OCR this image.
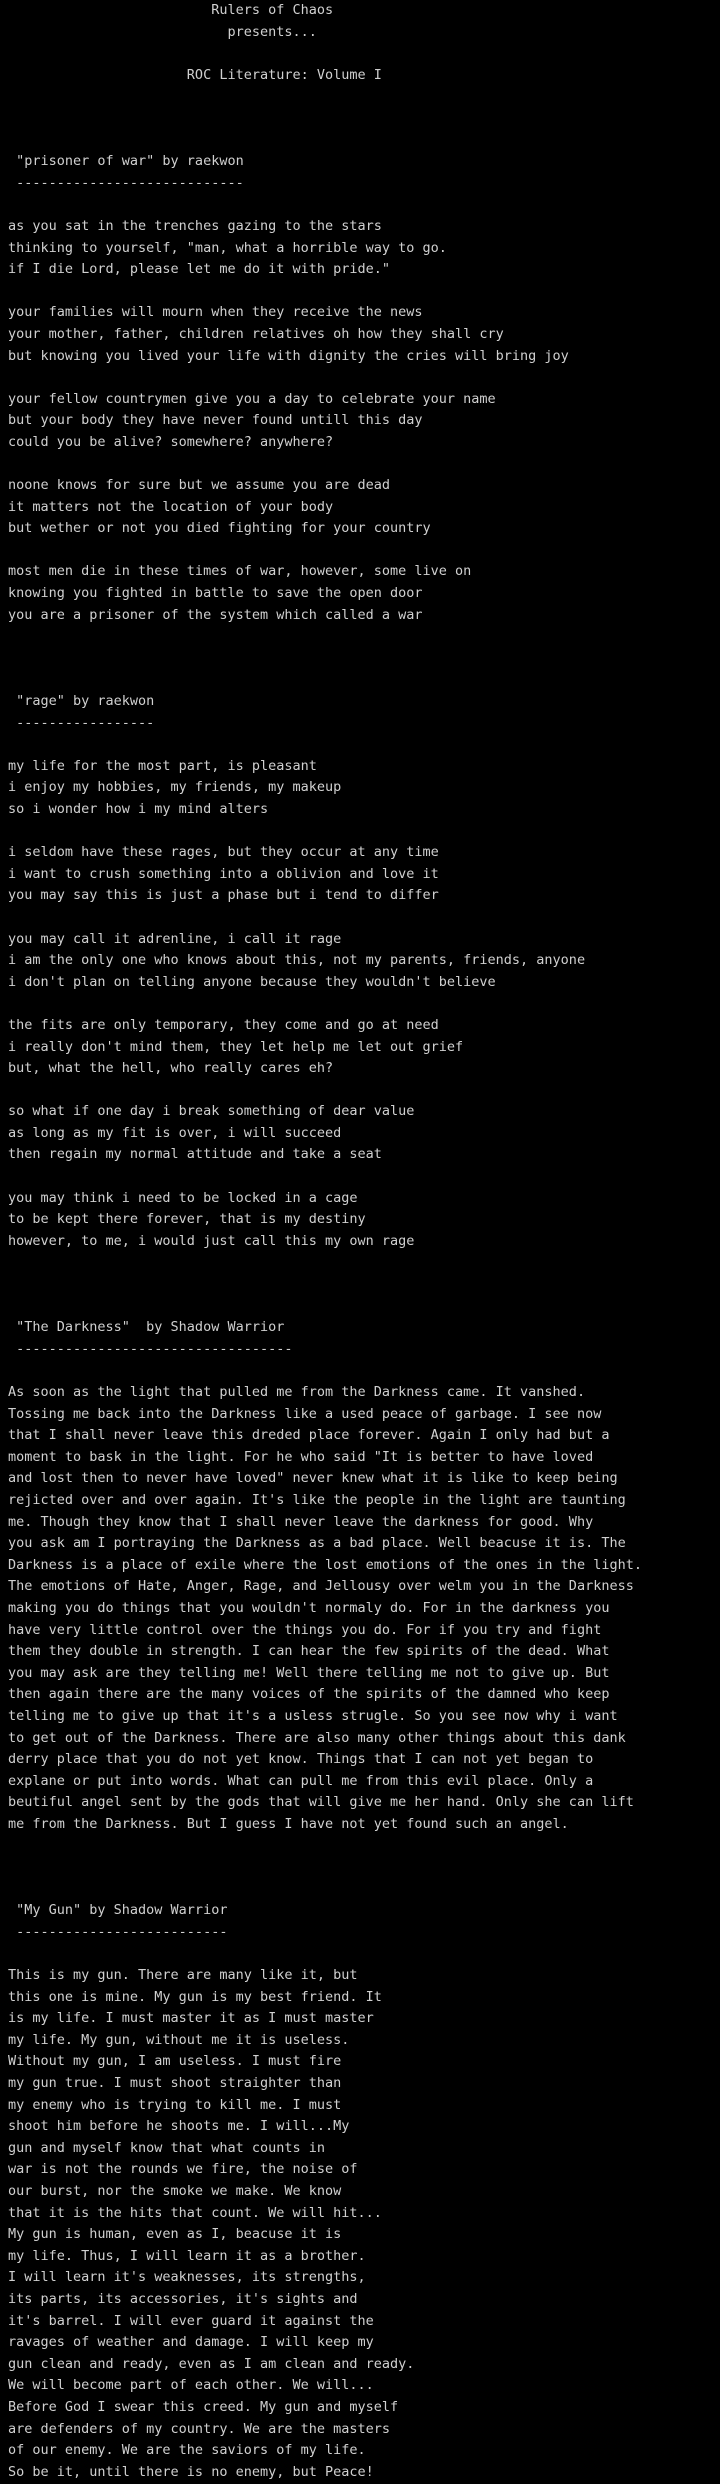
Rulers of Chaos
presents...
ROC Literature: Volume I
"prisoner of war" by raekwon
----------------------------
as you sat in the trenches gazing to the stars
thinking to yourself, "man, what a horrible way to go.
if I die Lord, please let me do it with pride."
your families will mourn when they receive the news
your mother, father, children relatives oh how they shall cry
but knowing you lived your life with dignity the cries will bring joy
your fellow countrymen give you a day to celebrate your name
but your body they have never found untill this day
could you be alive? somewhere? anywhere?
noone knows for sure but we assume you are dead
it matters not the location of your body
but wether or not you died fighting for your country
most men die in these times of war, however, some live on
knowing you fighted in battle to save the open door
you are a prisoner of the system which called a war
"rage" by raekwon
-----------------
my life for the most part, is pleasant
i enjoy my hobbies, my friends, my makeup
so i wonder how i my mind alters
i seldom have these rages, but they occur at any time
i want to crush something into a oblivion and love it
you may say this is just a phase but i tend to differ
you may call it adrenline, i call it rage
i am the only one who knows about this, not my parents, friends, anyone
i don't plan on telling anyone because they wouldn't believe
the fits are only temporary, they come and go at need
i really don't mind them, they let help me let out grief
but, what the hell, who really cares eh?
so what if one day i break something of dear value
as long as my fit is over, i will succeed
then regain my normal attitude and take a seat
you may think i need to be locked in a cage
to be kept there forever, that is my destiny
however, to me, i would just call this my own rage
"The Darkness"  by Shadow Warrior
----------------------------------
As soon as the light that pulled me from the Darkness came. It vanshed.
Tossing me back into the Darkness like a used peace of garbage. I see now
that I shall never leave this dreded place forever. Again I only had but a
moment to bask in the light. For he who said "It is better to have loved
and lost then to never have loved" never knew what it is like to keep being
rejicted over and over again. It's like the people in the light are taunting
me. Though they know that I shall never leave the darkness for good. Why
you ask am I portraying the Darkness as a bad place. Well beacuse it is. The
Darkness is a place of exile where the lost emotions of the ones in the light.
The emotions of Hate, Anger, Rage, and Jellousy over welm you in the Darkness
making you do things that you wouldn't normaly do. For in the darkness you
have very little control over the things you do. For if you try and fight
them they double in strength. I can hear the few spirits of the dead. What
you may ask are they telling me! Well there telling me not to give up. But
then again there are the many voices of the spirits of the damned who keep
telling me to give up that it's a usless strugle. So you see now why i want
to get out of the Darkness. There are also many other things about this dank
derry place that you do not yet know. Things that I can not yet began to
explane or put into words. What can pull me from this evil place. Only a
beutiful angel sent by the gods that will give me her hand. Only she can lift
me from the Darkness. But I guess I have not yet found such an angel.
"My Gun" by Shadow Warrior
--------------------------
This is my gun. There are many like it, but
this one is mine. My gun is my best friend. It
is my life. I must master it as I must master
my life. My gun, without me it is useless.
Without my gun, I am useless. I must fire
my gun true. I must shoot straighter than
my enemy who is trying to kill me. I must
shoot him before he shoots me. I will...My
gun and myself know that what counts in
war is not the rounds we fire, the noise of
our burst, nor the smoke we make. We know
that it is the hits that count. We will hit...
My gun is human, even as I, beacuse it is
my life. Thus, I will learn it as a brother.
I will learn it's weaknesses, its strengths,
its parts, its accessories, it's sights and
it's barrel. I will ever guard it against the
ravages of weather and damage. I will keep my
gun clean and ready, even as I am clean and ready.
We will become part of each other. We will...
Before God I swear this creed. My gun and myself
are defenders of my country. We are the masters
of our enemy. We are the saviors of my life.
So be it, until there is no enemy, but Peace!
